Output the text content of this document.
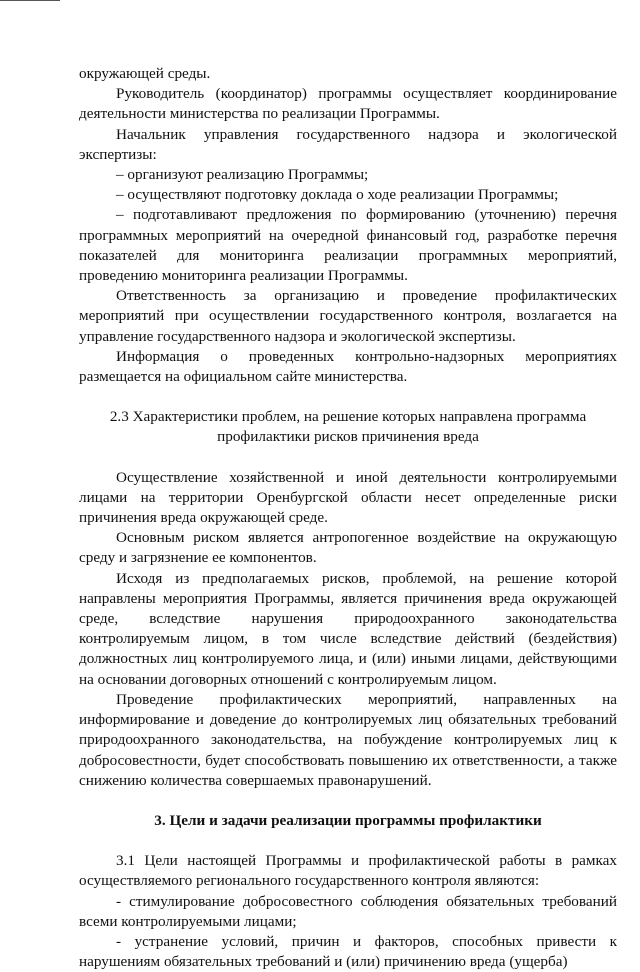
окружающей среды.

Руководитель (координатор) программы осуществляет координирование деятельности министерства по реализации Программы.

Начальник управления государственного надзора и экологической экспертизы:

– организуют реализацию Программы;

– осуществляют подготовку доклада о ходе реализации Программы;

– подготавливают предложения по формированию (уточнению) перечня программных мероприятий на очередной финансовый год, разработке перечня показателей для мониторинга реализации программных мероприятий, проведению мониторинга реализации Программы.

Ответственность за организацию и проведение профилактических мероприятий при осуществлении государственного контроля, возлагается на управление государственного надзора и экологической экспертизы.

Информация о проведенных контрольно-надзорных мероприятиях размещается на официальном сайте министерства.

2.3 Характеристики проблем, на решение которых направлена программа
профилактики рисков причинения вреда

Осуществление хозяйственной и иной деятельности контролируемыми лицами на территории Оренбургской области несет определенные риски причинения вреда окружающей среде.

Основным риском является антропогенное воздействие на окружающую среду и загрязнение ее компонентов.

Исходя из предполагаемых рисков, проблемой, на решение которой направлены мероприятия Программы, является причинения вреда окружающей среде, вследствие нарушения природоохранного законодательства контролируемым лицом, в том числе вследствие действий (бездействия) должностных лиц контролируемого лица, и (или) иными лицами, действующими на основании договорных отношений с контролируемым лицом.

Проведение профилактических мероприятий, направленных на информирование и доведение до контролируемых лиц обязательных требований природоохранного законодательства, на побуждение контролируемых лиц к добросовестности, будет способствовать повышению их ответственности, а также снижению количества совершаемых правонарушений.

3. Цели и задачи реализации программы профилактики

3.1 Цели настоящей Программы и профилактической работы в рамках осуществляемого регионального государственного контроля являются:

- стимулирование добросовестного соблюдения обязательных требований всеми контролируемыми лицами;

- устранение условий, причин и факторов, способных привести к нарушениям обязательных требований и (или) причинению вреда (ущерба)
